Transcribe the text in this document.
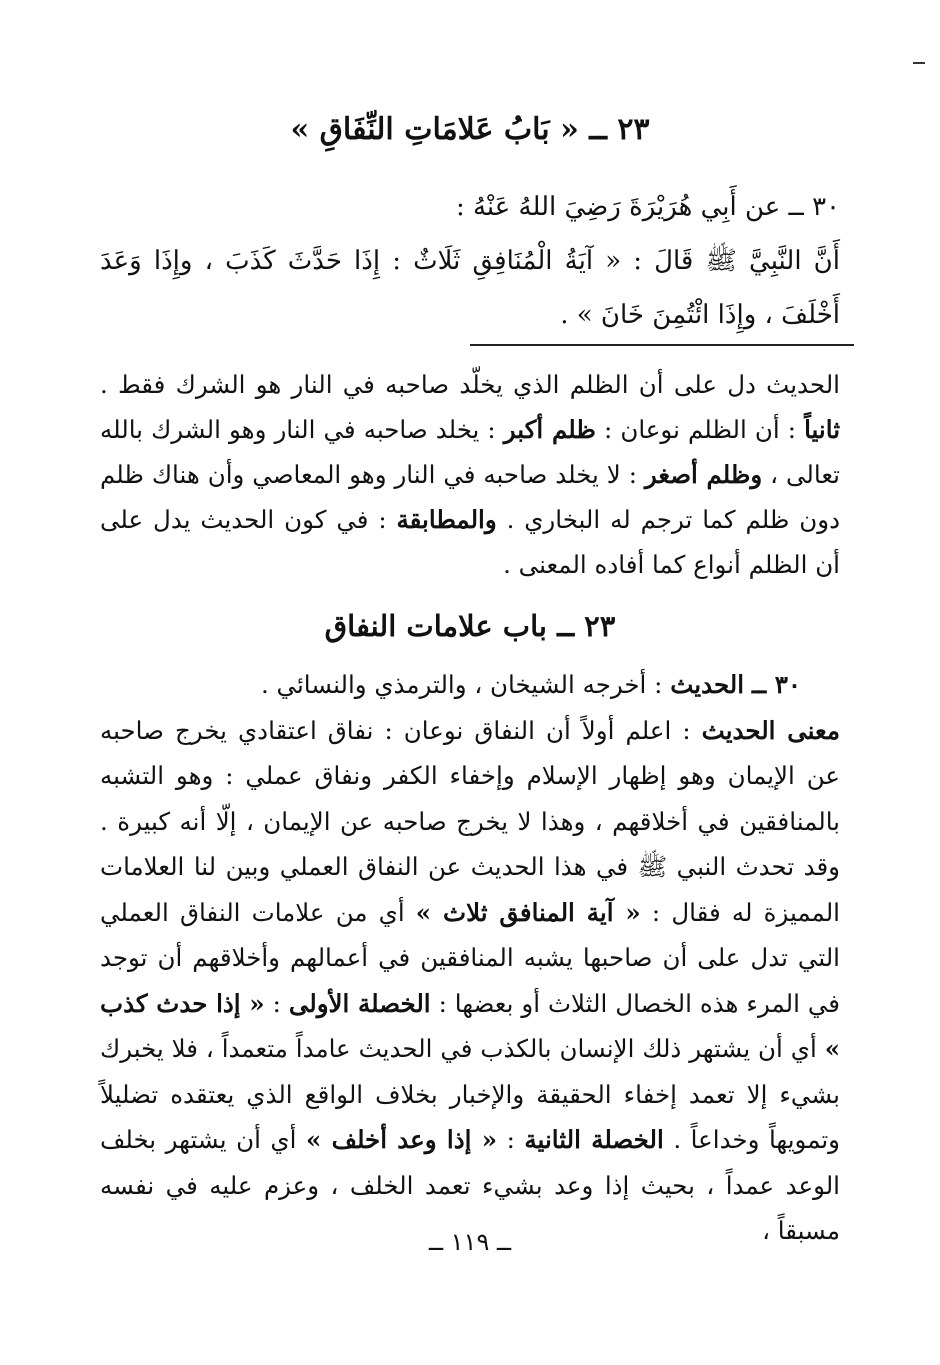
٢٣ ــ « بَابُ عَلامَاتِ النِّفَاقِ »

٣٠ ــ عن أَبِي هُرَيْرَةَ رَضِيَ اللهُ عَنْهُ :

أَنَّ النَّبِيَّ ﷺ قَالَ : « آيَةُ الْمُنَافِقِ ثَلَاثٌ : إِذَا حَدَّثَ كَذَبَ ، وإِذَا وَعَدَ أَخْلَفَ ، وإِذَا ائْتُمِنَ خَانَ » .

الحديث دل على أن الظلم الذي يخلّد صاحبه في النار هو الشرك فقط . ثانياً : أن الظلم نوعان : ظلم أكبر : يخلد صاحبه في النار وهو الشرك بالله تعالى ، وظلم أصغر : لا يخلد صاحبه في النار وهو المعاصي وأن هناك ظلم دون ظلم كما ترجم له البخاري . والمطابقة : في كون الحديث يدل على أن الظلم أنواع كما أفاده المعنى .

٢٣ ــ باب علامات النفاق

٣٠ ــ الحديث : أخرجه الشيخان ، والترمذي والنسائي .

معنى الحديث : اعلم أولاً أن النفاق نوعان : نفاق اعتقادي يخرج صاحبه عن الإيمان وهو إظهار الإسلام وإخفاء الكفر ونفاق عملي : وهو التشبه بالمنافقين في أخلاقهم ، وهذا لا يخرج صاحبه عن الإيمان ، إلّا أنه كبيرة . وقد تحدث النبي ﷺ في هذا الحديث عن النفاق العملي وبين لنا العلامات المميزة له فقال : « آية المنافق ثلاث » أي من علامات النفاق العملي التي تدل على أن صاحبها يشبه المنافقين في أعمالهم وأخلاقهم أن توجد في المرء هذه الخصال الثلاث أو بعضها : الخصلة الأولى : « إذا حدث كذب » أي أن يشتهر ذلك الإنسان بالكذب في الحديث عامداً متعمداً ، فلا يخبرك بشيء إلا تعمد إخفاء الحقيقة والإخبار بخلاف الواقع الذي يعتقده تضليلاً وتمويهاً وخداعاً . الخصلة الثانية : « إذا وعد أخلف » أي أن يشتهر بخلف الوعد عمداً ، بحيث إذا وعد بشيء تعمد الخلف ، وعزم عليه في نفسه مسبقاً ،

ــ ١١٩ ــ
